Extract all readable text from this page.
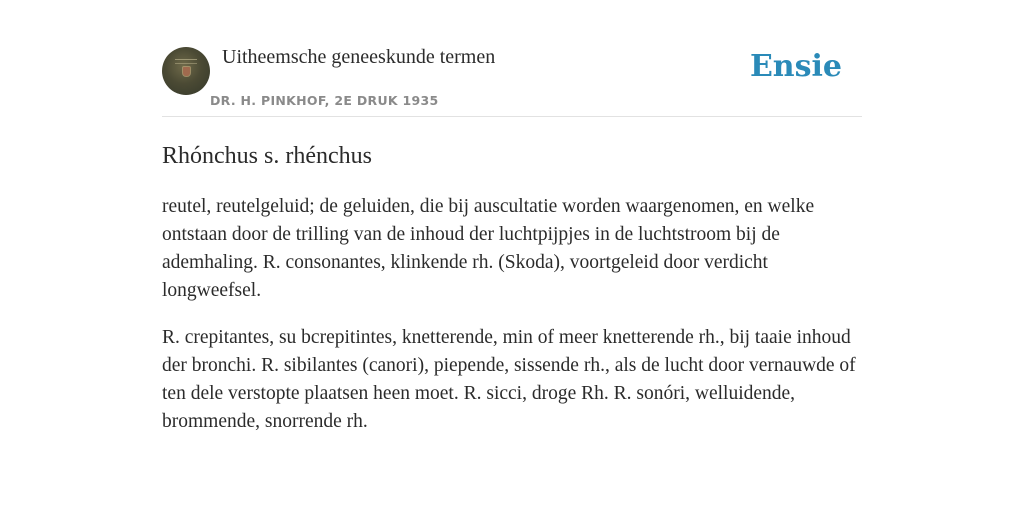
Uitheemsche geneeskunde termen
DR. H. PINKHOF, 2E DRUK 1935
Ensie
Rhónchus s. rhénchus

reutel, reutelgeluid; de geluiden, die bij auscultatie worden waargenomen, en welke ontstaan door de trilling van de inhoud der luchtpijpjes in de luchtstroom bij de ademhaling. R. consonantes, klinkende rh. (Skoda), voortgeleid door verdicht longweefsel.

R. crepitantes, su bcrepitintes, knetterende, min of meer knetterende rh., bij taaie inhoud der bronchi. R. sibilantes (canori), piepende, sissende rh., als de lucht door vernauwde of ten dele verstopte plaatsen heen moet. R. sicci, droge Rh. R. sonóri, welluidende, brommende, snorrende rh.
